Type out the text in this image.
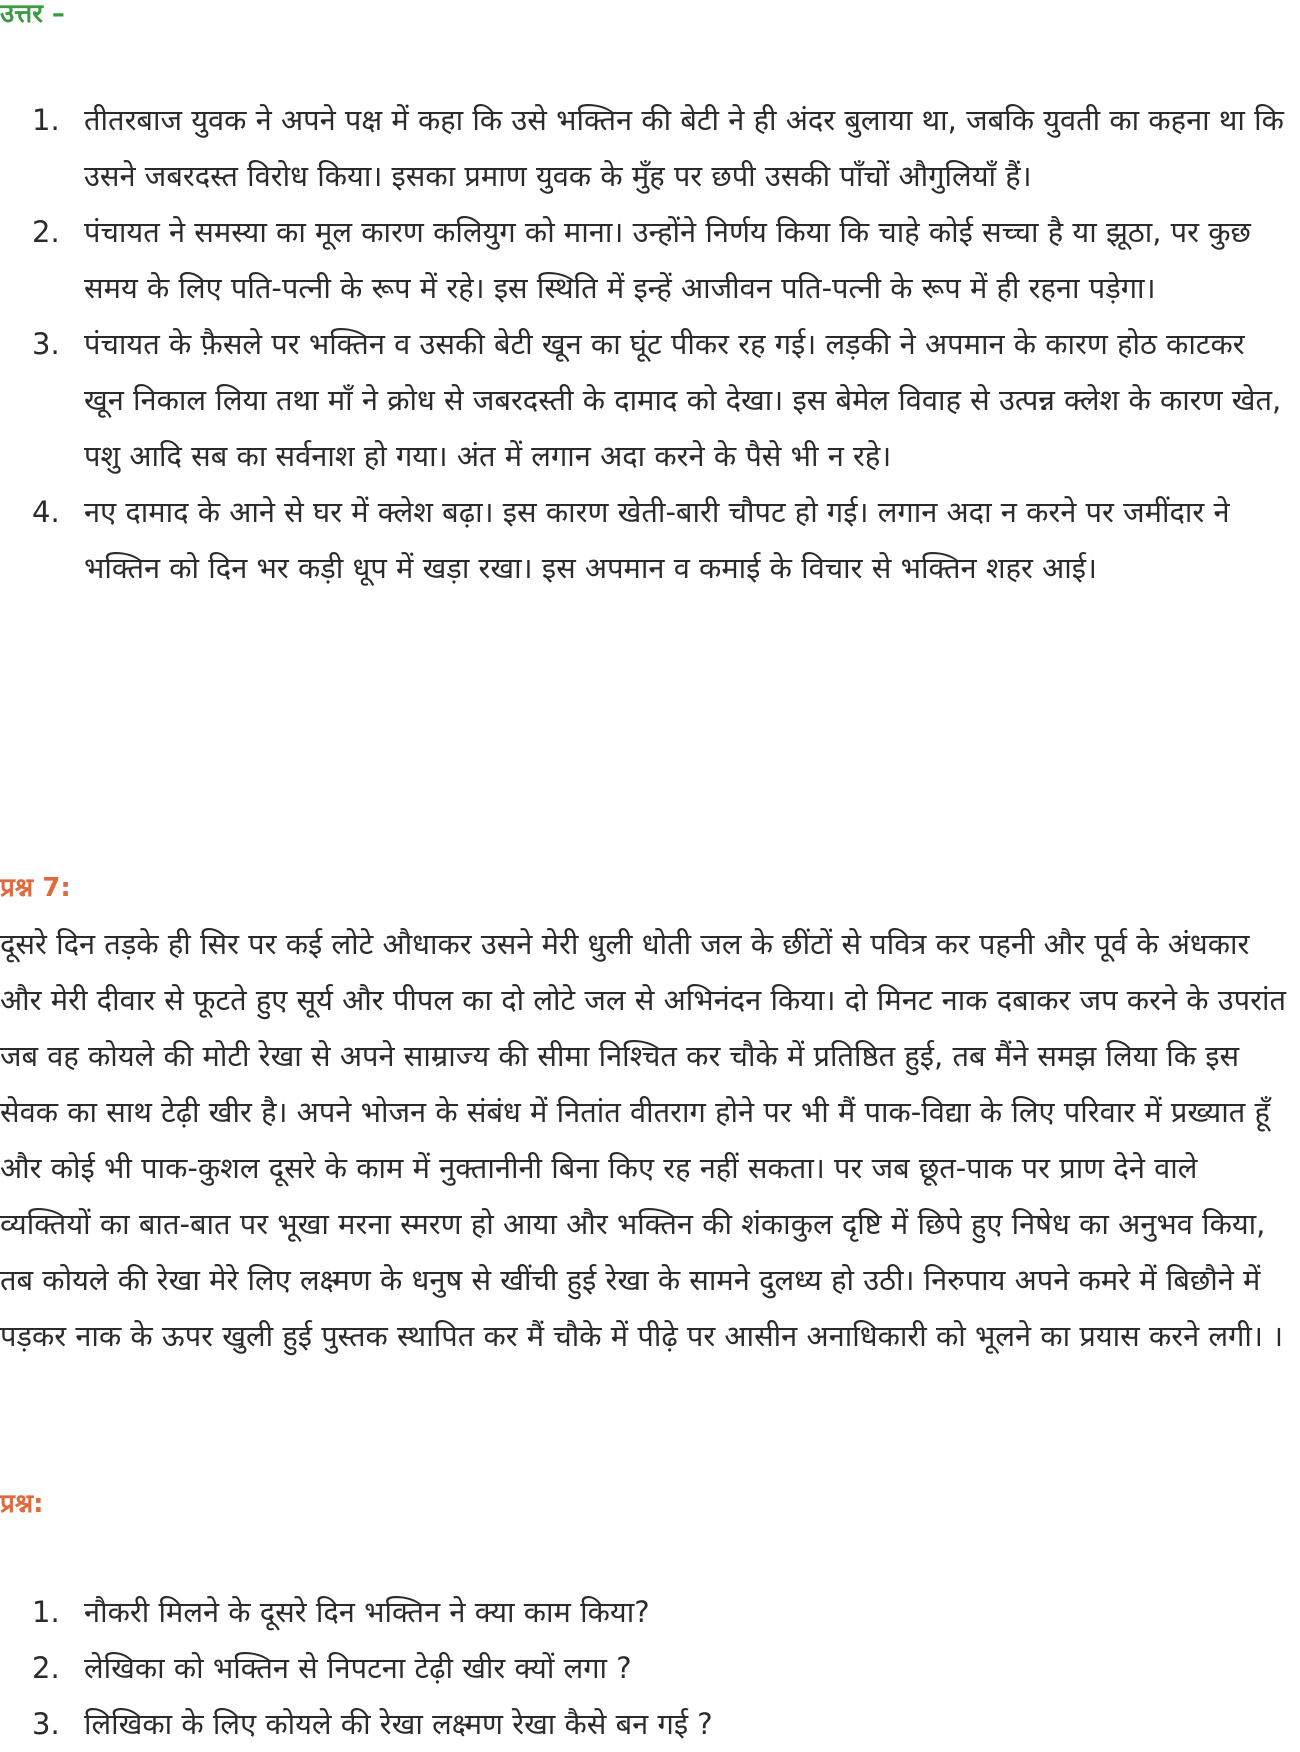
उत्तर –
1. तीतरबाज युवक ने अपने पक्ष में कहा कि उसे भक्तिन की बेटी ने ही अंदर बुलाया था, जबकि युवती का कहना था कि उसने जबरदस्त विरोध किया। इसका प्रमाण युवक के मुँह पर छपी उसकी पाँचों औगुलियाँ हैं।
2. पंचायत ने समस्या का मूल कारण कलियुग को माना। उन्होंने निर्णय किया कि चाहे कोई सच्चा है या झूठा, पर कुछ समय के लिए पति-पत्नी के रूप में रहे। इस स्थिति में इन्हें आजीवन पति-पत्नी के रूप में ही रहना पड़ेगा।
3. पंचायत के फ़ैसले पर भक्तिन व उसकी बेटी खून का घूंट पीकर रह गई। लड़की ने अपमान के कारण होठ काटकर खून निकाल लिया तथा माँ ने क्रोध से जबरदस्ती के दामाद को देखा। इस बेमेल विवाह से उत्पन्न क्लेश के कारण खेत, पशु आदि सब का सर्वनाश हो गया। अंत में लगान अदा करने के पैसे भी न रहे।
4. नए दामाद के आने से घर में क्लेश बढ़ा। इस कारण खेती-बारी चौपट हो गई। लगान अदा न करने पर जमींदार ने भक्तिन को दिन भर कड़ी धूप में खड़ा रखा। इस अपमान व कमाई के विचार से भक्तिन शहर आई।
प्रश्न 7:

दूसरे दिन तड़के ही सिर पर कई लोटे औधाकर उसने मेरी धुली धोती जल के छींटों से पवित्र कर पहनी और पूर्व के अंधकार और मेरी दीवार से फूटते हुए सूर्य और पीपल का दो लोटे जल से अभिनंदन किया। दो मिनट नाक दबाकर जप करने के उपरांत जब वह कोयले की मोटी रेखा से अपने साम्राज्य की सीमा निश्चित कर चौके में प्रतिष्ठित हुई, तब मैंने समझ लिया कि इस सेवक का साथ टेढ़ी खीर है। अपने भोजन के संबंध में नितांत वीतराग होने पर भी मैं पाक-विद्या के लिए परिवार में प्रख्यात हूँ और कोई भी पाक-कुशल दूसरे के काम में नुक्तानीनी बिना किए रह नहीं सकता। पर जब छूत-पाक पर प्राण देने वाले व्यक्तियों का बात-बात पर भूखा मरना स्मरण हो आया और भक्तिन की शंकाकुल दृष्टि में छिपे हुए निषेध का अनुभव किया, तब कोयले की रेखा मेरे लिए लक्ष्मण के धनुष से खींची हुई रेखा के सामने दुलध्य हो उठी। निरुपाय अपने कमरे में बिछौने में पड़कर नाक के ऊपर खुली हुई पुस्तक स्थापित कर मैं चौके में पीढ़े पर आसीन अनाधिकारी को भूलने का प्रयास करने लगी। ।

प्रश्न:
1. नौकरी मिलने के दूसरे दिन भक्तिन ने क्या काम किया?
2. लेखिका को भक्तिन से निपटना टेढ़ी खीर क्यों लगा ?
3. लिखिका के लिए कोयले की रेखा लक्ष्मण रेखा कैसे बन गई ?
